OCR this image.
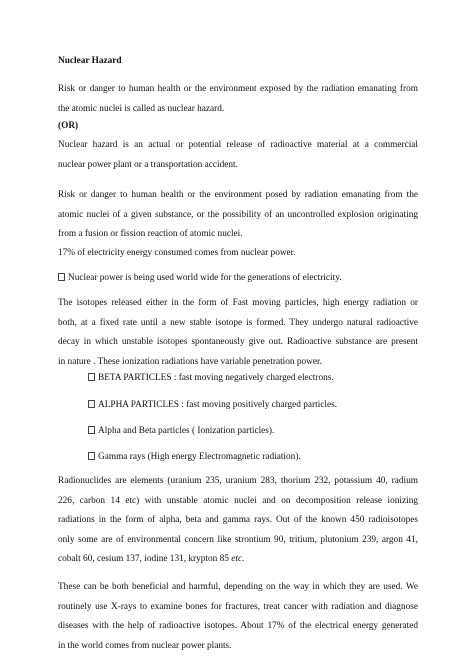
Nuclear Hazard

Risk or danger to human health or the environment exposed by the radiation emanating from
the atomic nuclei is called as nuclear hazard.

(OR)

Nuclear hazard is an actual or potential release of radioactive material at a commercial
nuclear power plant or a transportation accident.

Risk or danger to human health or the environment posed by radiation emanating from the
atomic nuclei of a given substance, or the possibility of an uncontrolled explosion originating
from a fusion or fission reaction of atomic nuclei.

17% of electricity energy consumed comes from nuclear power.

Nuclear power is being used world wide for the generations of electricity.

The isotopes released either in the form of Fast moving particles, high energy radiation or
both, at a fixed rate until a new stable isotope is formed. They undergo natural radioactive
decay in which unstable isotopes spontaneously give out. Radioactive substance are present
in nature . These ionization radiations have variable penetration power.

BETA PARTICLES : fast moving negatively charged electrons.

ALPHA PARTICLES : fast moving positively charged particles.

Alpha and Beta particles ( Ionization particles).

Gamma rays (High energy Electromagnetic radiation).

Radionuclides are elements (uranium 235, uranium 283, thorium 232, potassium 40, radium
226, carbon 14 etc) with unstable atomic nuclei and on decomposition release ionizing
radiations in the form of alpha, beta and gamma rays. Out of the known 450 radioisotopes
only some are of environmental concern like strontium 90, tritium, plutonium 239, argon 41,
cobalt 60, cesium 137, iodine 131, krypton 85 etc.

These can be both beneficial and harmful, depending on the way in which they are used. We
routinely use X-rays to examine bones for fractures, treat cancer with radiation and diagnose
diseases with the help of radioactive isotopes. About 17% of the electrical energy generated
in the world comes from nuclear power plants.
